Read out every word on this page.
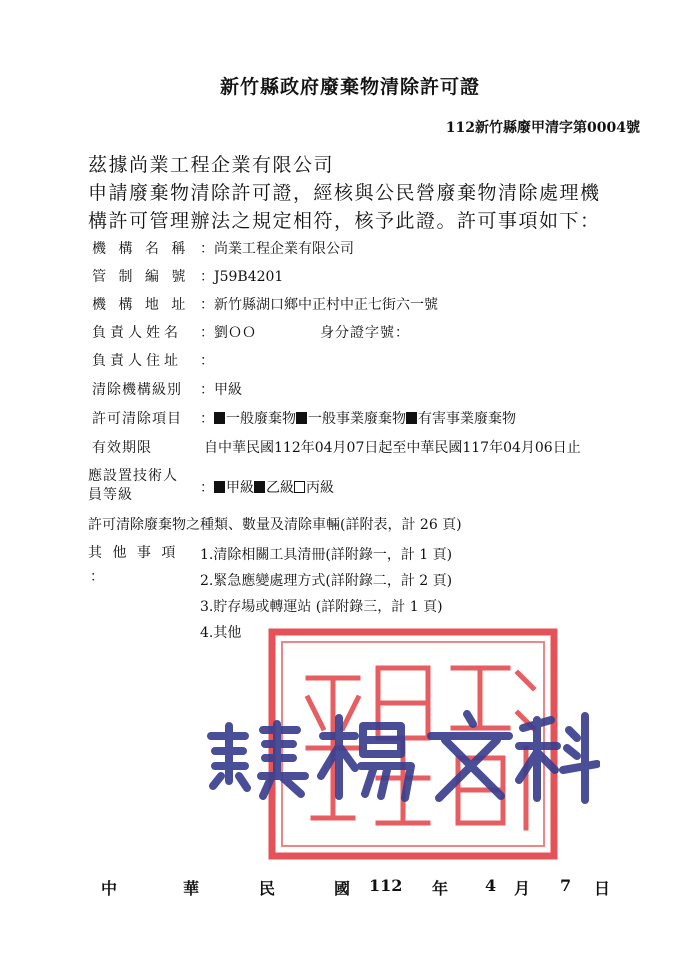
新竹縣政府廢棄物清除許可證
112新竹縣廢甲清字第0004號
茲據尚業工程企業有限公司
申請廢棄物清除許可證，經核與公民營廢棄物清除處理機
構許可管理辦法之規定相符，核予此證。許可事項如下：
機 構 名 稱 ：尚業工程企業有限公司
管 制 編 號 ：J59B4201
機 構 地 址 ：新竹縣湖口鄉中正村中正七街六一號
負責人姓名 ：劉ＯＯ	身分證字號：
負責人住址 ：
清除機構級別 ：甲級
許可清除項目 ： 一般廢棄物 一般事業廢棄物 有害事業廢棄物
有效期限	自中華民國112年04月07日起至中華民國117年04月06日止
應設置技術人
員等級	： 甲級 乙級 丙級
許可清除廢棄物之種類、數量及清除車輛(詳附表，計 26 頁)
其 他 事 項
：
1.清除相關工具清冊(詳附錄一，計 1 頁)
2.緊急應變處理方式(詳附錄二，計 2 頁)
3.貯存場或轉運站 (詳附錄三，計 1 頁)
4.其他
中	華	民	國 112 年 4 月 7 日
